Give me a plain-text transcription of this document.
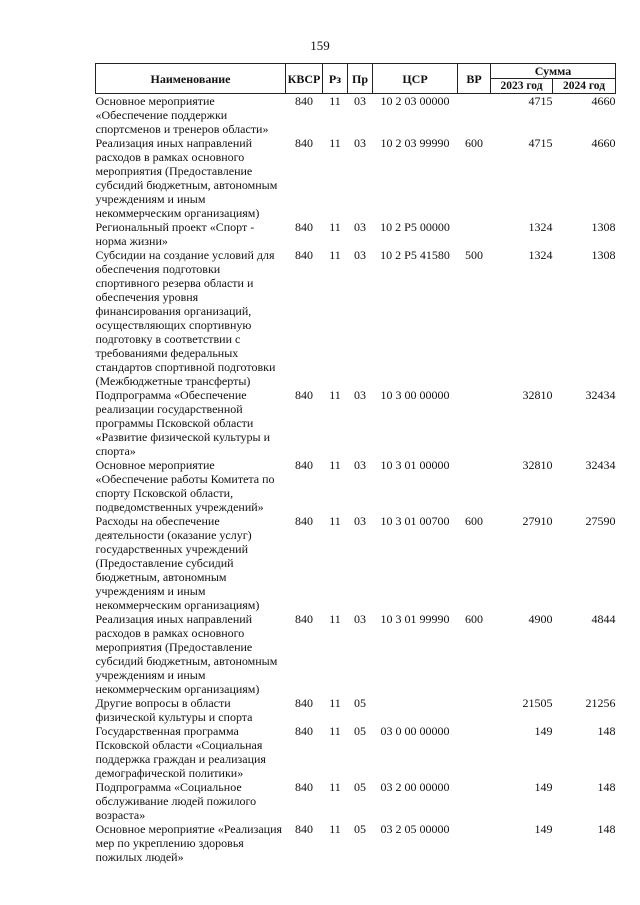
159
Наименование	КВСР	Рз	Пр	ЦСР	ВР	Сумма	
						2023 год	2024 год
Основное мероприятие «Обеспечение поддержки спортсменов и тренеров области»	840	11	03	10 2 03 00000		4715	4660
Реализация иных направлений расходов в рамках основного мероприятия (Предоставление субсидий бюджетным, автономным учреждениям и иным некоммерческим организациям)	840	11	03	10 2 03 99990	600	4715	4660
Региональный проект «Спорт - норма жизни»	840	11	03	10 2 P5 00000		1324	1308
Субсидии на создание условий для обеспечения подготовки спортивного резерва области и обеспечения уровня финансирования организаций, осуществляющих спортивную подготовку в соответствии с требованиями федеральных стандартов спортивной подготовки (Межбюджетные трансферты)	840	11	03	10 2 P5 41580	500	1324	1308
Подпрограмма «Обеспечение реализации государственной программы Псковской области «Развитие физической культуры и спорта»	840	11	03	10 3 00 00000		32810	32434
Основное мероприятие «Обеспечение работы Комитета по спорту Псковской области, подведомственных учреждений»	840	11	03	10 3 01 00000		32810	32434
Расходы на обеспечение деятельности (оказание услуг) государственных учреждений (Предоставление субсидий бюджетным, автономным учреждениям и иным некоммерческим организациям)	840	11	03	10 3 01 00700	600	27910	27590
Реализация иных направлений расходов в рамках основного мероприятия (Предоставление субсидий бюджетным, автономным учреждениям и иным некоммерческим организациям)	840	11	03	10 3 01 99990	600	4900	4844
Другие вопросы в области физической культуры и спорта	840	11	05			21505	21256
Государственная программа Псковской области «Социальная поддержка граждан и реализация демографической политики»	840	11	05	03 0 00 00000		149	148
Подпрограмма «Социальное обслуживание людей пожилого возраста»	840	11	05	03 2 00 00000		149	148
Основное мероприятие «Реализация мер по укреплению здоровья пожилых людей»	840	11	05	03 2 05 00000		149	148
